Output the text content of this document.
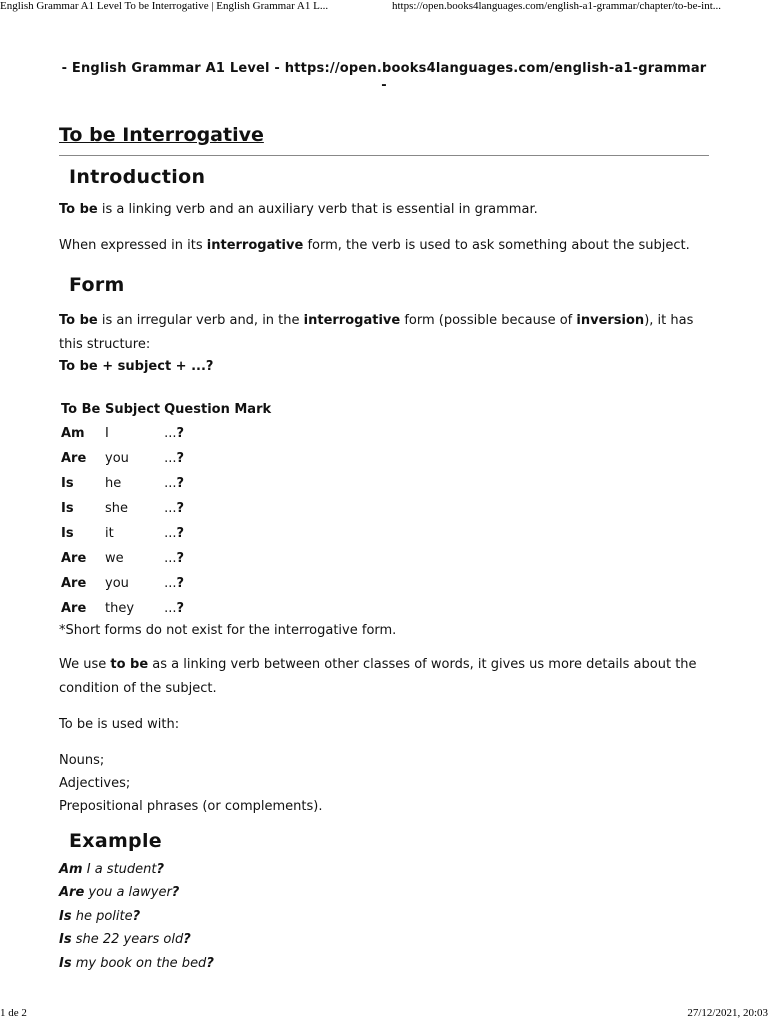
English Grammar A1 Level To be Interrogative | English Grammar A1 L...	https://open.books4languages.com/english-a1-grammar/chapter/to-be-int...
- English Grammar A1 Level - https://open.books4languages.com/english-a1-grammar
-
To be Interrogative
Introduction

To be is a linking verb and an auxiliary verb that is essential in grammar.

When expressed in its interrogative form, the verb is used to ask something about the subject.

Form

To be is an irregular verb and, in the interrogative form (possible because of inversion), it has this structure:

To be + subject + ...?
To Be	Subject	Question Mark
Am	I	...?
Are	you	...?
Is	he	...?
Is	she	...?
Is	it	...?
Are	we	...?
Are	you	...?
Are	they	...?
*Short forms do not exist for the interrogative form.

We use to be as a linking verb between other classes of words, it gives us more details about the condition of the subject.

To be is used with:

Nouns;
Adjectives;
Prepositional phrases (or complements).
Example
Am I a student?
Are you a lawyer?
Is he polite?
Is she 22 years old?
Is my book on the bed?
1 de 2	27/12/2021, 20:03
